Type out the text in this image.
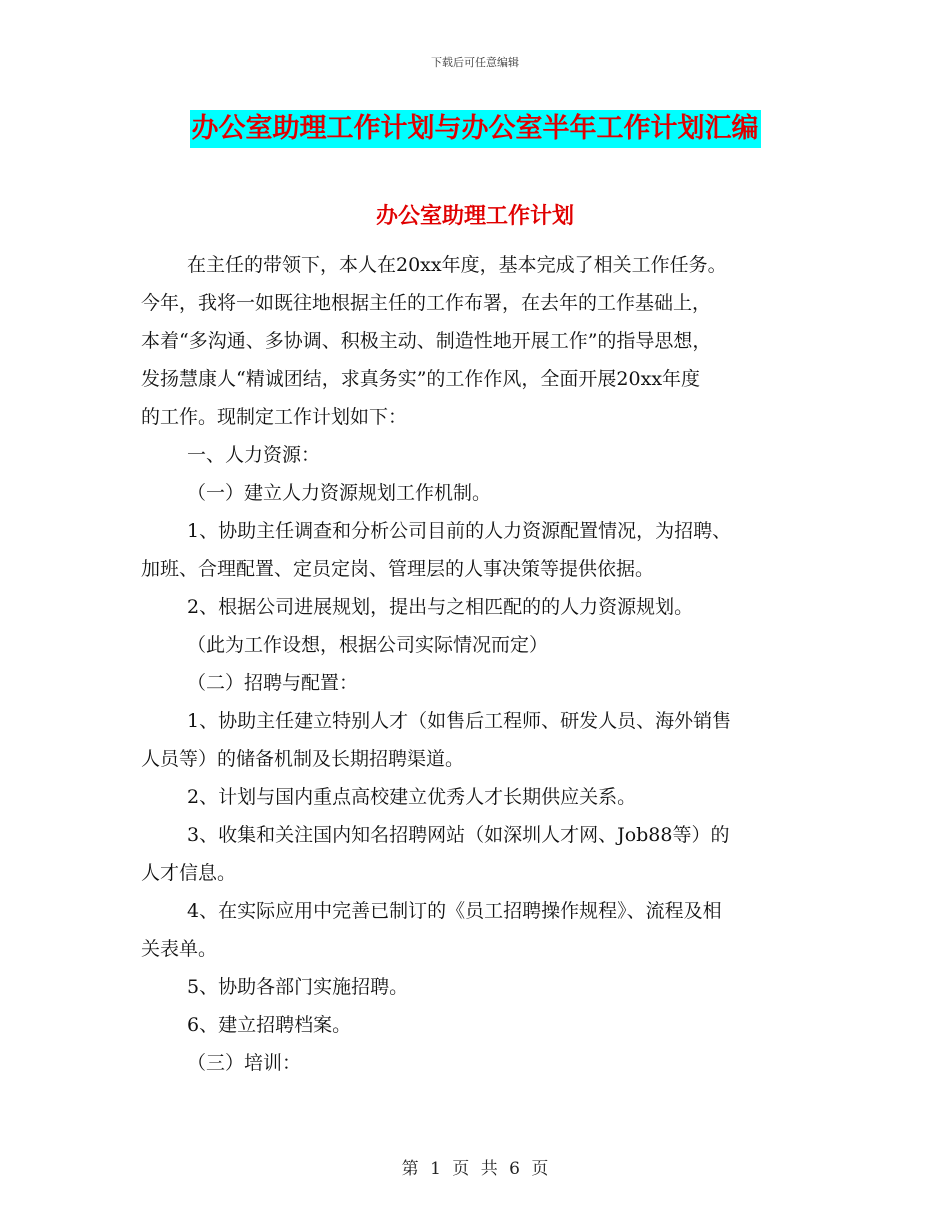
下载后可任意编辑
办公室助理工作计划与办公室半年工作计划汇编
办公室助理工作计划
在主任的带领下，本人在20xx年度，基本完成了相关工作任务。
今年，我将一如既往地根据主任的工作布署，在去年的工作基础上，
本着“多沟通、多协调、积极主动、制造性地开展工作”的指导思想，
发扬慧康人“精诚团结，求真务实”的工作作风，全面开展20xx年度
的工作。现制定工作计划如下：
一、人力资源：
（一）建立人力资源规划工作机制。
1、协助主任调查和分析公司目前的人力资源配置情况，为招聘、
加班、合理配置、定员定岗、管理层的人事决策等提供依据。
2、根据公司进展规划，提出与之相匹配的的人力资源规划。
（此为工作设想，根据公司实际情况而定）
（二）招聘与配置：
1、协助主任建立特别人才（如售后工程师、研发人员、海外销售
人员等）的储备机制及长期招聘渠道。
2、计划与国内重点高校建立优秀人才长期供应关系。
3、收集和关注国内知名招聘网站（如深圳人才网、Job88等）的
人才信息。
4、在实际应用中完善已制订的《员工招聘操作规程》、流程及相
关表单。
5、协助各部门实施招聘。
6、建立招聘档案。
（三）培训：
第 1 页 共 6 页
